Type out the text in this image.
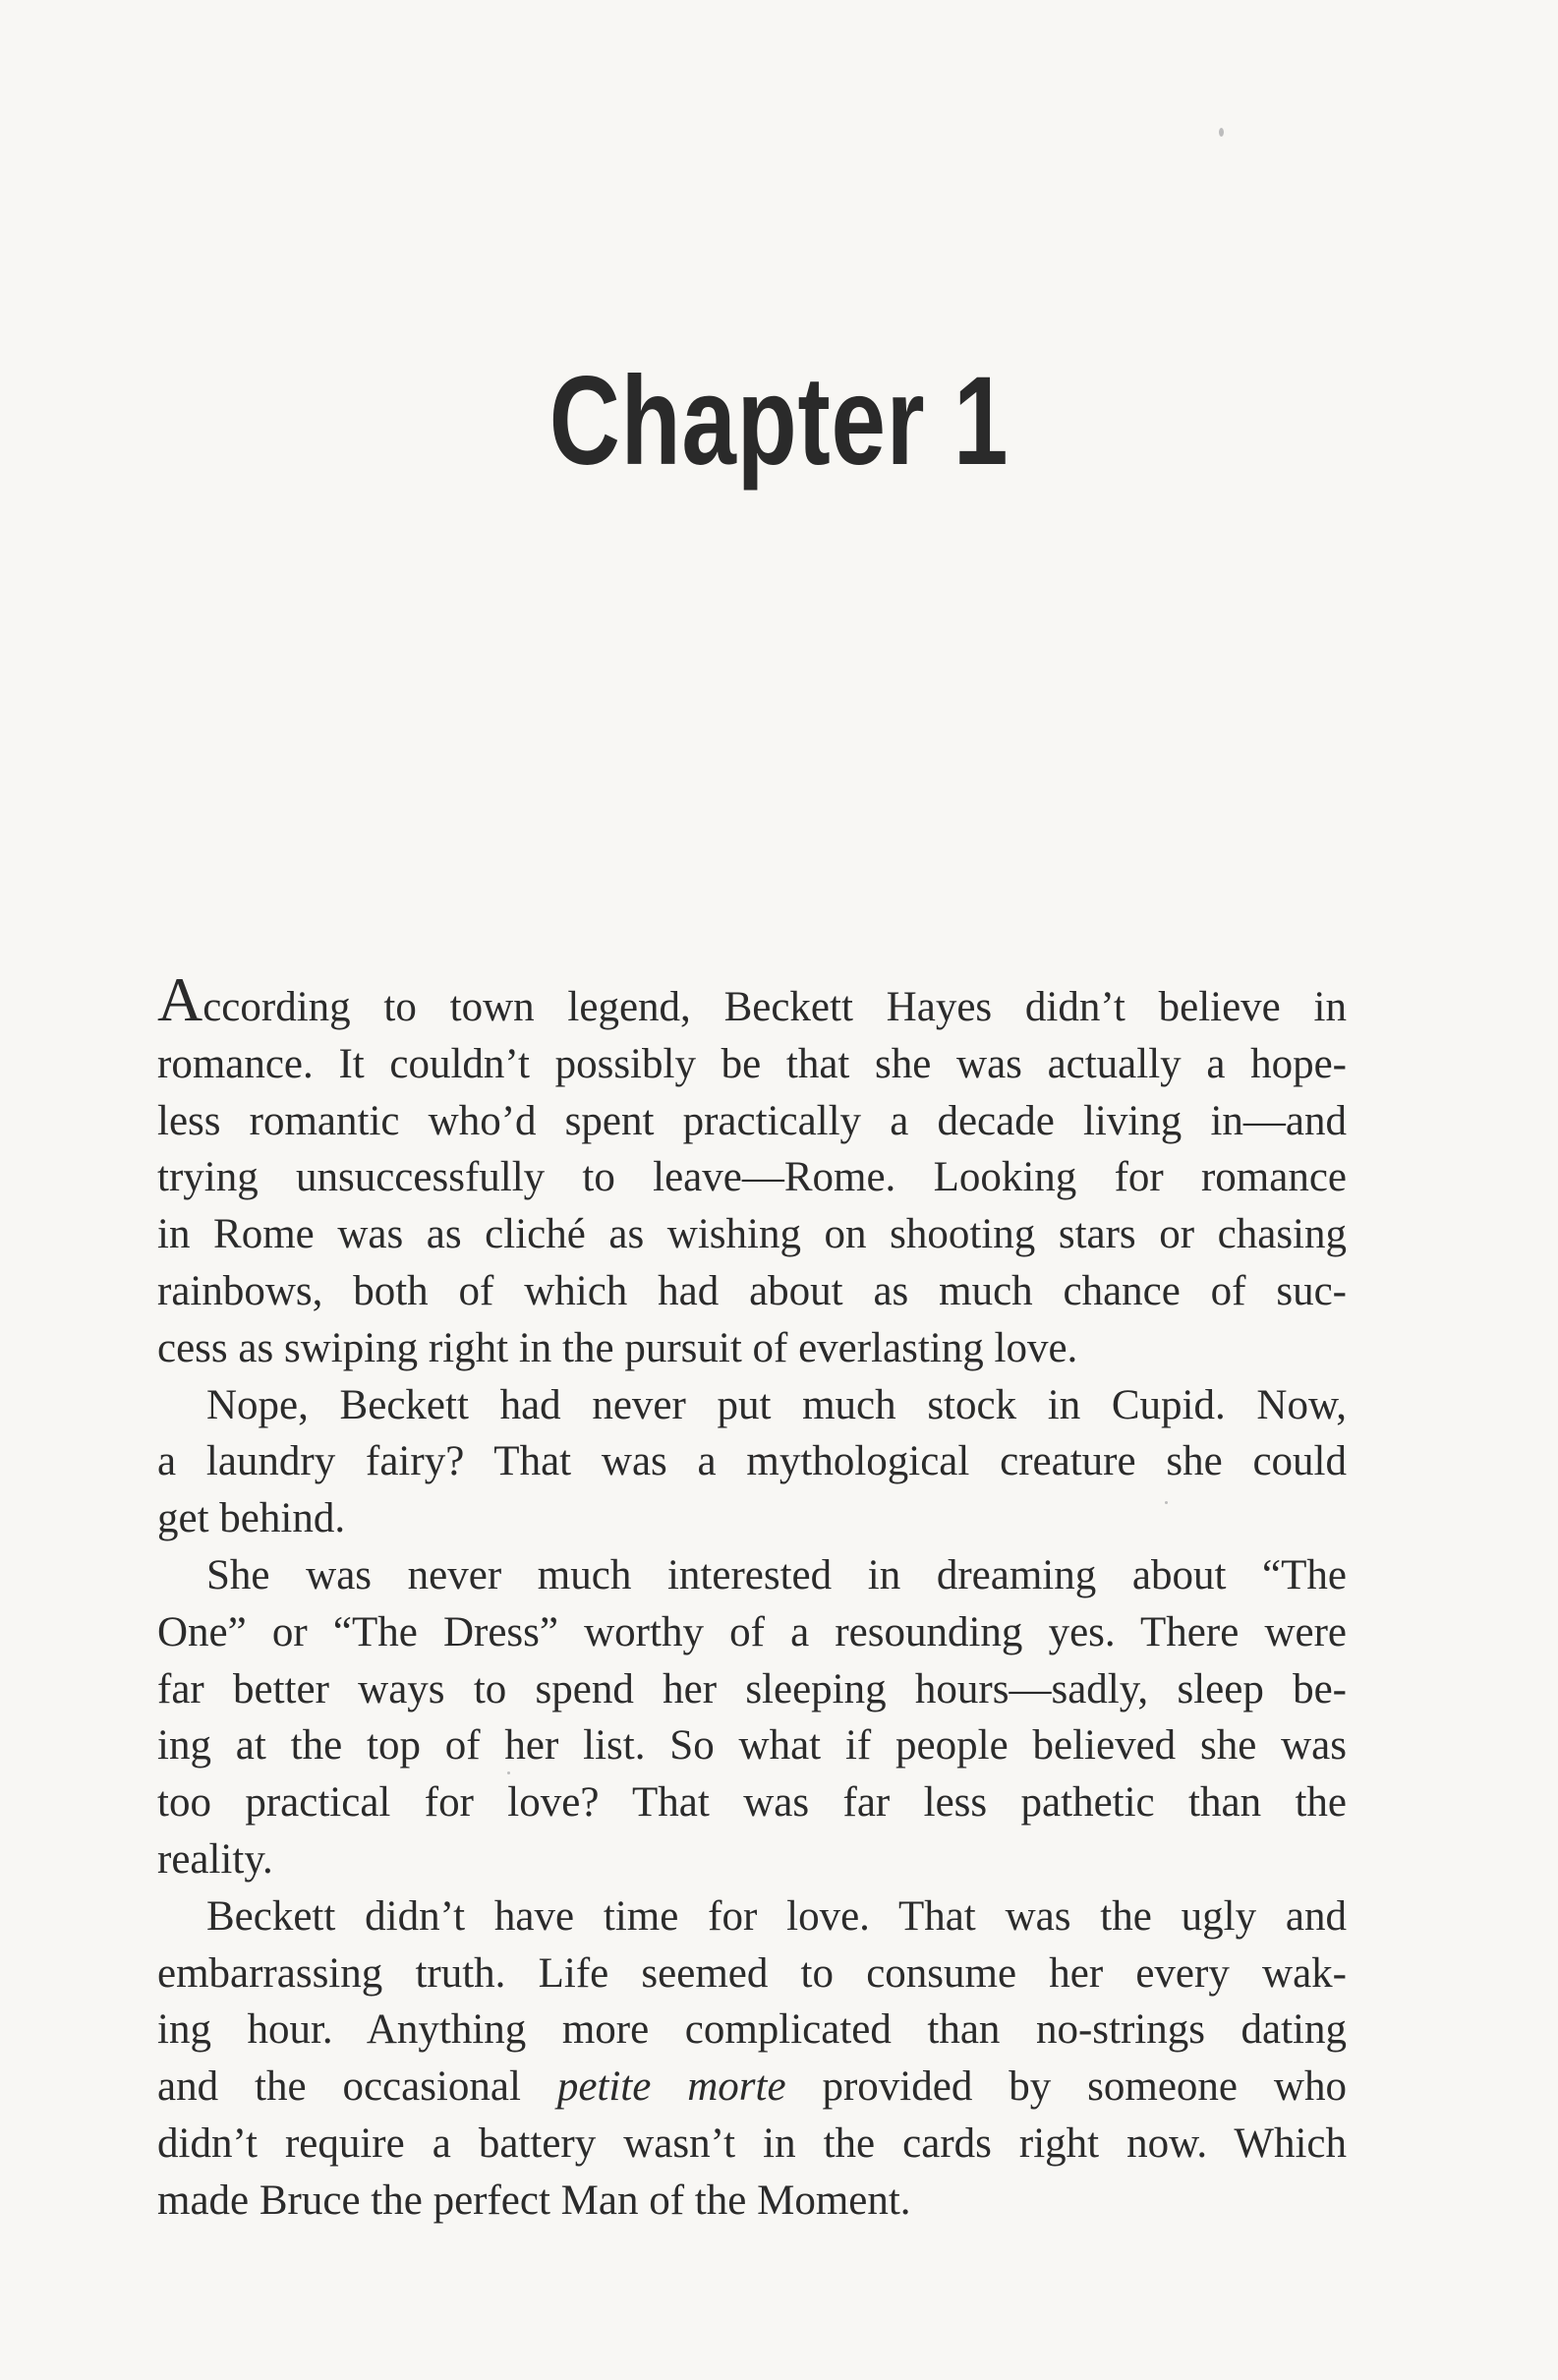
Chapter 1
According to town legend, Beckett Hayes didn’t believe in
romance. It couldn’t possibly be that she was actually a hope-
less romantic who’d spent practically a decade living in—and
trying unsuccessfully to leave—Rome. Looking for romance
in Rome was as cliché as wishing on shooting stars or chasing
rainbows, both of which had about as much chance of suc-
cess as swiping right in the pursuit of everlasting love.
Nope, Beckett had never put much stock in Cupid. Now,
a laundry fairy? That was a mythological creature she could
get behind.
She was never much interested in dreaming about “The
One” or “The Dress” worthy of a resounding yes. There were
far better ways to spend her sleeping hours—sadly, sleep be-
ing at the top of her list. So what if people believed she was
too practical for love? That was far less pathetic than the
reality.
Beckett didn’t have time for love. That was the ugly and
embarrassing truth. Life seemed to consume her every wak-
ing hour. Anything more complicated than no-strings dating
and the occasional petite morte provided by someone who
didn’t require a battery wasn’t in the cards right now. Which
made Bruce the perfect Man of the Moment.
